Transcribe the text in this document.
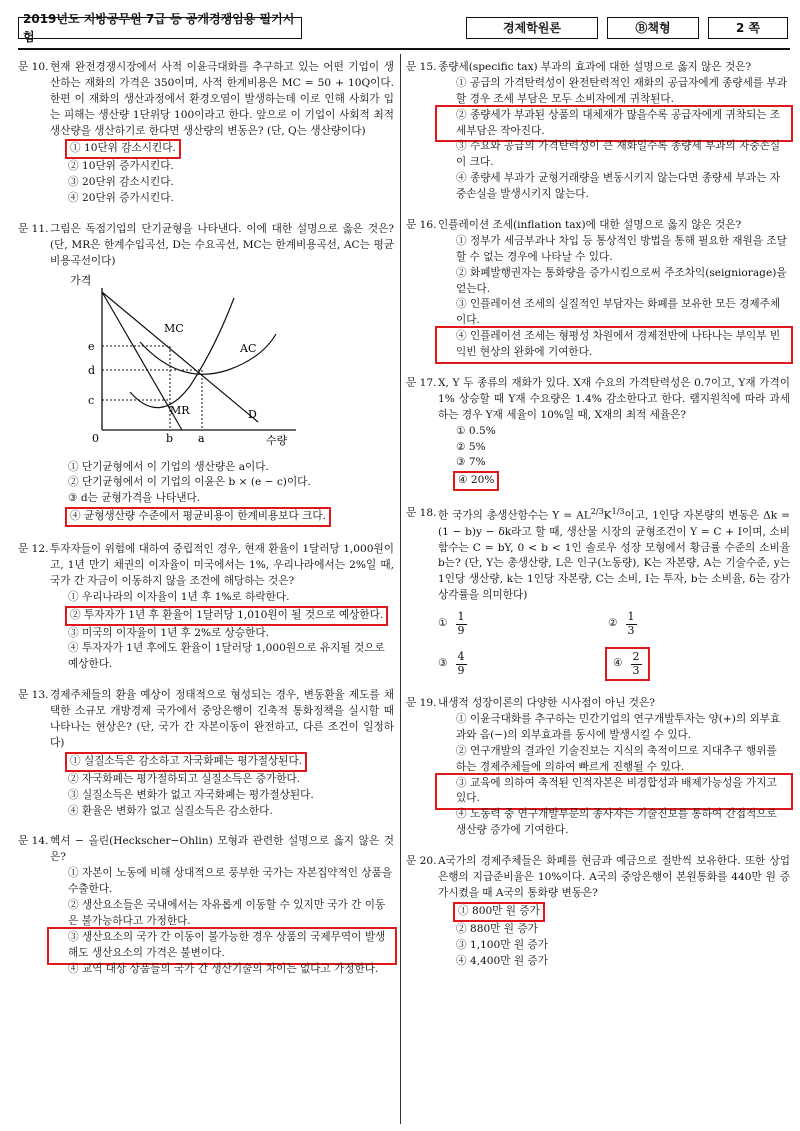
2019년도 지방공무원 7급 등 공개경쟁임용 필기시험
경제학원론	Ⓑ책형	2 쪽
문 10. 현재 완전경쟁시장에서 사적 이윤극대화를 추구하고 있는 어떤 기업이 생산하는 재화의 가격은 350이며, 사적 한계비용은 MC = 50 + 10Q이다. 한편 이 재화의 생산과정에서 환경오염이 발생하는데 이로 인해 사회가 입는 피해는 생산량 1단위당 100이라고 한다. 앞으로 이 기업이 사회적 최적생산량을 생산하기로 한다면 생산량의 변동은? (단, Q는 생산량이다)
① 10단위 감소시킨다.
② 10단위 증가시킨다.
③ 20단위 감소시킨다.
④ 20단위 증가시킨다.
문 11. 그림은 독점기업의 단기균형을 나타낸다. 이에 대한 설명으로 옳은 것은? (단, MR은 한계수입곡선, D는 수요곡선, MC는 한계비용곡선, AC는 평균비용곡선이다)
가격
0	수량
D
MR
MC
AC
e
d
c
b a
① 단기균형에서 이 기업의 생산량은 a이다.
② 단기균형에서 이 기업의 이윤은 b × (e − c)이다.
③ d는 균형가격을 나타낸다.
④ 균형생산량 수준에서 평균비용이 한계비용보다 크다.
문 12. 투자자들이 위험에 대하여 중립적인 경우, 현재 환율이 1달러당 1,000원이고, 1년 만기 채권의 이자율이 미국에서는 1%, 우리나라에서는 2%일 때, 국가 간 자금이 이동하지 않을 조건에 해당하는 것은?
① 우리나라의 이자율이 1년 후 1%로 하락한다.
② 투자자가 1년 후 환율이 1달러당 1,010원이 될 것으로 예상한다.
③ 미국의 이자율이 1년 후 2%로 상승한다.
④ 투자자가 1년 후에도 환율이 1달러당 1,000원으로 유지될 것으로 예상한다.
문 13. 경제주체들의 환율 예상이 정태적으로 형성되는 경우, 변동환율 제도를 채택한 소규모 개방경제 국가에서 중앙은행이 긴축적 통화정책을 실시할 때 나타나는 현상은? (단, 국가 간 자본이동이 완전하고, 다른 조건이 일정하다)
① 실질소득은 감소하고 자국화폐는 평가절상된다.
② 자국화폐는 평가절하되고 실질소득은 증가한다.
③ 실질소득은 변화가 없고 자국화폐는 평가절상된다.
④ 환율은 변화가 없고 실질소득은 감소한다.
문 14. 헥셔 − 올린(Heckscher−Ohlin) 모형과 관련한 설명으로 옳지 않은 것은?
① 자본이 노동에 비해 상대적으로 풍부한 국가는 자본집약적인 상품을 수출한다.
② 생산요소들은 국내에서는 자유롭게 이동할 수 있지만 국가 간 이동은 불가능하다고 가정한다.
③ 생산요소의 국가 간 이동이 불가능한 경우 상품의 국제무역이 발생해도 생산요소의 가격은 불변이다.
④ 교역 대상 상품들의 국가 간 생산기술의 차이는 없다고 가정한다.
문 15. 종량세(specific tax) 부과의 효과에 대한 설명으로 옳지 않은 것은?
① 공급의 가격탄력성이 완전탄력적인 재화의 공급자에게 종량세를 부과할 경우 조세 부담은 모두 소비자에게 귀착된다.
② 종량세가 부과된 상품의 대체재가 많을수록 공급자에게 귀착되는 조세부담은 작아진다.
③ 수요와 공급의 가격탄력성이 큰 재화일수록 종량세 부과의 자중손실이 크다.
④ 종량세 부과가 균형거래량을 변동시키지 않는다면 종량세 부과는 자중손실을 발생시키지 않는다.
문 16. 인플레이션 조세(inflation tax)에 대한 설명으로 옳지 않은 것은?
① 정부가 세금부과나 차입 등 통상적인 방법을 통해 필요한 재원을 조달할 수 없는 경우에 나타날 수 있다.
② 화폐발행권자는 통화량을 증가시킴으로써 주조차익(seigniorage)을 얻는다.
③ 인플레이션 조세의 실질적인 부담자는 화폐를 보유한 모든 경제주체이다.
④ 인플레이션 조세는 형평성 차원에서 경제전반에 나타나는 부익부 빈익빈 현상의 완화에 기여한다.
문 17. X, Y 두 종류의 재화가 있다. X재 수요의 가격탄력성은 0.7이고, Y재 가격이 1% 상승할 때 Y재 수요량은 1.4% 감소한다고 한다. 램지원칙에 따라 과세하는 경우 Y재 세율이 10%일 때, X재의 최적 세율은?
① 0.5%
② 5%
③ 7%
④ 20%
문 18. 한 국가의 총생산함수는 $Y = AL^{2/3}K^{1/3}$이고, 1인당 자본량의 변동은 Δk = (1 − b)y − δk라고 할 때, 생산물 시장의 균형조건이 Y = C + I이며, 소비함수는 C = bY, 0 < b < 1인 솔로우 성장 모형에서 황금률 수준의 소비율 b는? (단, Y는 총생산량, L은 인구(노동량), K는 자본량, A는 기술수준, y는 1인당 생산량, k는 1인당 자본량, C는 소비, I는 투자, b는 소비율, δ는 감가상각률을 의미한다)
① $\frac{1}{9}$	② $\frac{1}{3}$
③ $\frac{4}{9}$	④ $\frac{2}{3}$
문 19. 내생적 성장이론의 다양한 시사점이 아닌 것은?
① 이윤극대화를 추구하는 민간기업의 연구개발투자는 양(+)의 외부효과와 음(−)의 외부효과를 동시에 발생시킬 수 있다.
② 연구개발의 결과인 기술진보는 지식의 축적이므로 지대추구 행위를 하는 경제주체들에 의하여 빠르게 진행될 수 있다.
③ 교육에 의하여 축적된 인적자본은 비경합성과 배제가능성을 가지고 있다.
④ 노동력 중 연구개발부문의 종사자는 기술진보를 통하여 간접적으로 생산량 증가에 기여한다.
문 20. A국가의 경제주체들은 화폐를 현금과 예금으로 절반씩 보유한다. 또한 상업은행의 지급준비율은 10%이다. A국의 중앙은행이 본원통화를 440만 원 증가시켰을 때 A국의 통화량 변동은?
① 800만 원 증가
② 880만 원 증가
③ 1,100만 원 증가
④ 4,400만 원 증가
